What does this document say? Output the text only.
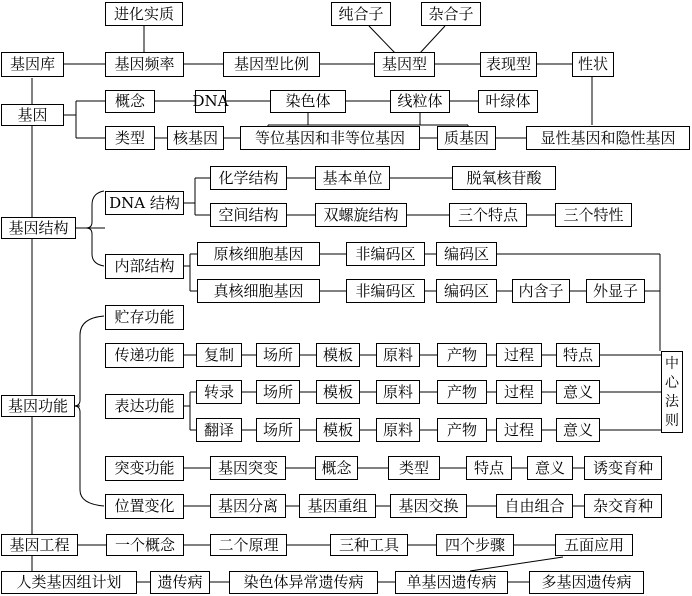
进化实质	纯合子	杂合子
基因库	基因频率	基因型比例	基因型	表现型	性状
基因
概念	DNA	染色体	线粒体	叶绿体
类型	核基因	等位基因和非等位基因	质基因	显性基因和隐性基因
DNA 结构
化学结构	基本单位	脱氧核苷酸
空间结构	双螺旋结构	三个特点	三个特性
基因结构
内部结构
原核细胞基因	非编码区	编码区
真核细胞基因	非编码区	编码区	内含子	外显子
贮存功能
传递功能	复制	场所	模板	原料	产物	过程	特点	中
心
法
则
基因功能	表达功能
转录	场所	模板	原料	产物	过程	意义
翻译	场所	模板	原料	产物	过程	意义
突变功能	基因突变	概念	类型	特点	意义	诱变育种
位置变化	基因分离	基因重组	基因交换	自由组合	杂交育种
基因工程	一个概念	二个原理	三种工具	四个步骤	五面应用
人类基因组计划	遗传病	染色体异常遗传病	单基因遗传病	多基因遗传病
